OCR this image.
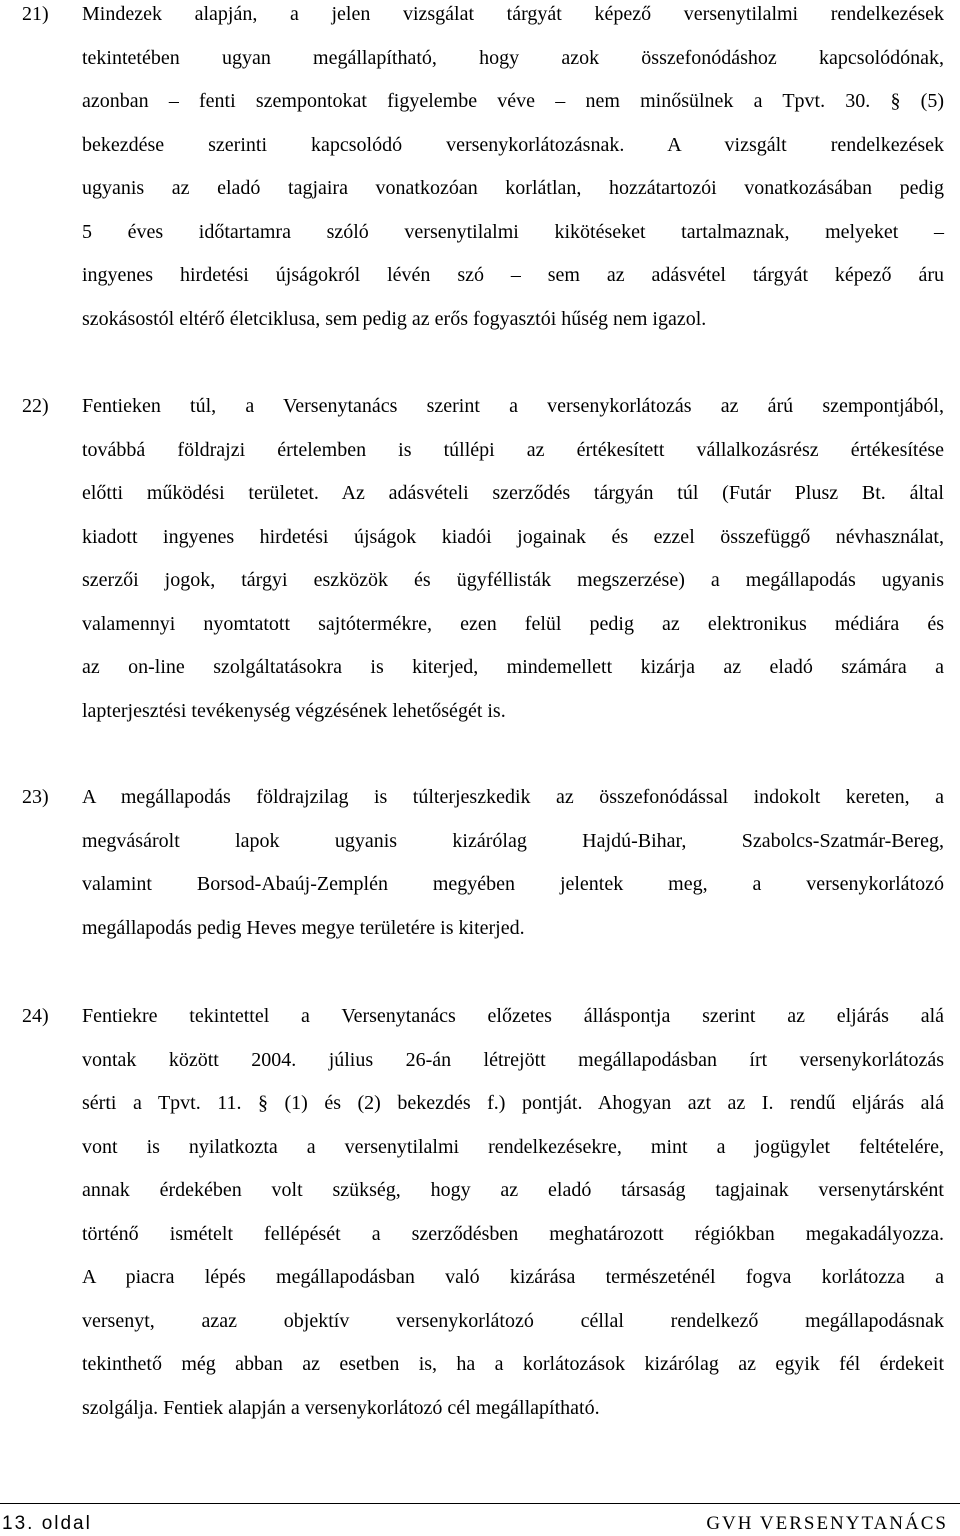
21) Mindezek alapján, a jelen vizsgálat tárgyát képező versenytilalmi rendelkezések
tekintetében ugyan megállapítható, hogy azok összefonódáshoz kapcsolódónak,
azonban – fenti szempontokat figyelembe véve – nem minősülnek a Tpvt. 30. § (5)
bekezdése szerinti kapcsolódó versenykorlátozásnak. A vizsgált rendelkezések
ugyanis az eladó tagjaira vonatkozóan korlátlan, hozzátartozói vonatkozásában pedig
5 éves időtartamra szóló versenytilalmi kikötéseket tartalmaznak, melyeket –
ingyenes hirdetési újságokról lévén szó – sem az adásvétel tárgyát képező áru
szokásostól eltérő életciklusa, sem pedig az erős fogyasztói hűség nem igazol.
22) Fentieken túl, a Versenytanács szerint a versenykorlátozás az árú szempontjából,
továbbá földrajzi értelemben is túllépi az értékesített vállalkozásrész értékesítése
előtti működési területet. Az adásvételi szerződés tárgyán túl (Futár Plusz Bt. által
kiadott ingyenes hirdetési újságok kiadói jogainak és ezzel összefüggő névhasználat,
szerzői jogok, tárgyi eszközök és ügyféllisták megszerzése) a megállapodás ugyanis
valamennyi nyomtatott sajtótermékre, ezen felül pedig az elektronikus médiára és
az on-line szolgáltatásokra is kiterjed, mindemellett kizárja az eladó számára a
lapterjesztési tevékenység végzésének lehetőségét is.
23) A megállapodás földrajzilag is túlterjeszkedik az összefonódással indokolt kereten, a
megvásárolt lapok ugyanis kizárólag Hajdú-Bihar, Szabolcs-Szatmár-Bereg,
valamint Borsod-Abaúj-Zemplén megyében jelentek meg, a versenykorlátozó
megállapodás pedig Heves megye területére is kiterjed.
24) Fentiekre tekintettel a Versenytanács előzetes álláspontja szerint az eljárás alá
vontak között 2004. július 26-án létrejött megállapodásban írt versenykorlátozás
sérti a Tpvt. 11. § (1) és (2) bekezdés f.) pontját. Ahogyan azt az I. rendű eljárás alá
vont is nyilatkozta a versenytilalmi rendelkezésekre, mint a jogügylet feltételére,
annak érdekében volt szükség, hogy az eladó társaság tagjainak versenytársként
történő ismételt fellépését a szerződésben meghatározott régiókban megakadályozza.
A piacra lépés megállapodásban való kizárása természeténél fogva korlátozza a
versenyt, azaz objektív versenykorlátozó céllal rendelkező megállapodásnak
tekinthető még abban az esetben is, ha a korlátozások kizárólag az egyik fél érdekeit
szolgálja. Fentiek alapján a versenykorlátozó cél megállapítható.
13. oldal	GVH VERSENYTANÁCS
